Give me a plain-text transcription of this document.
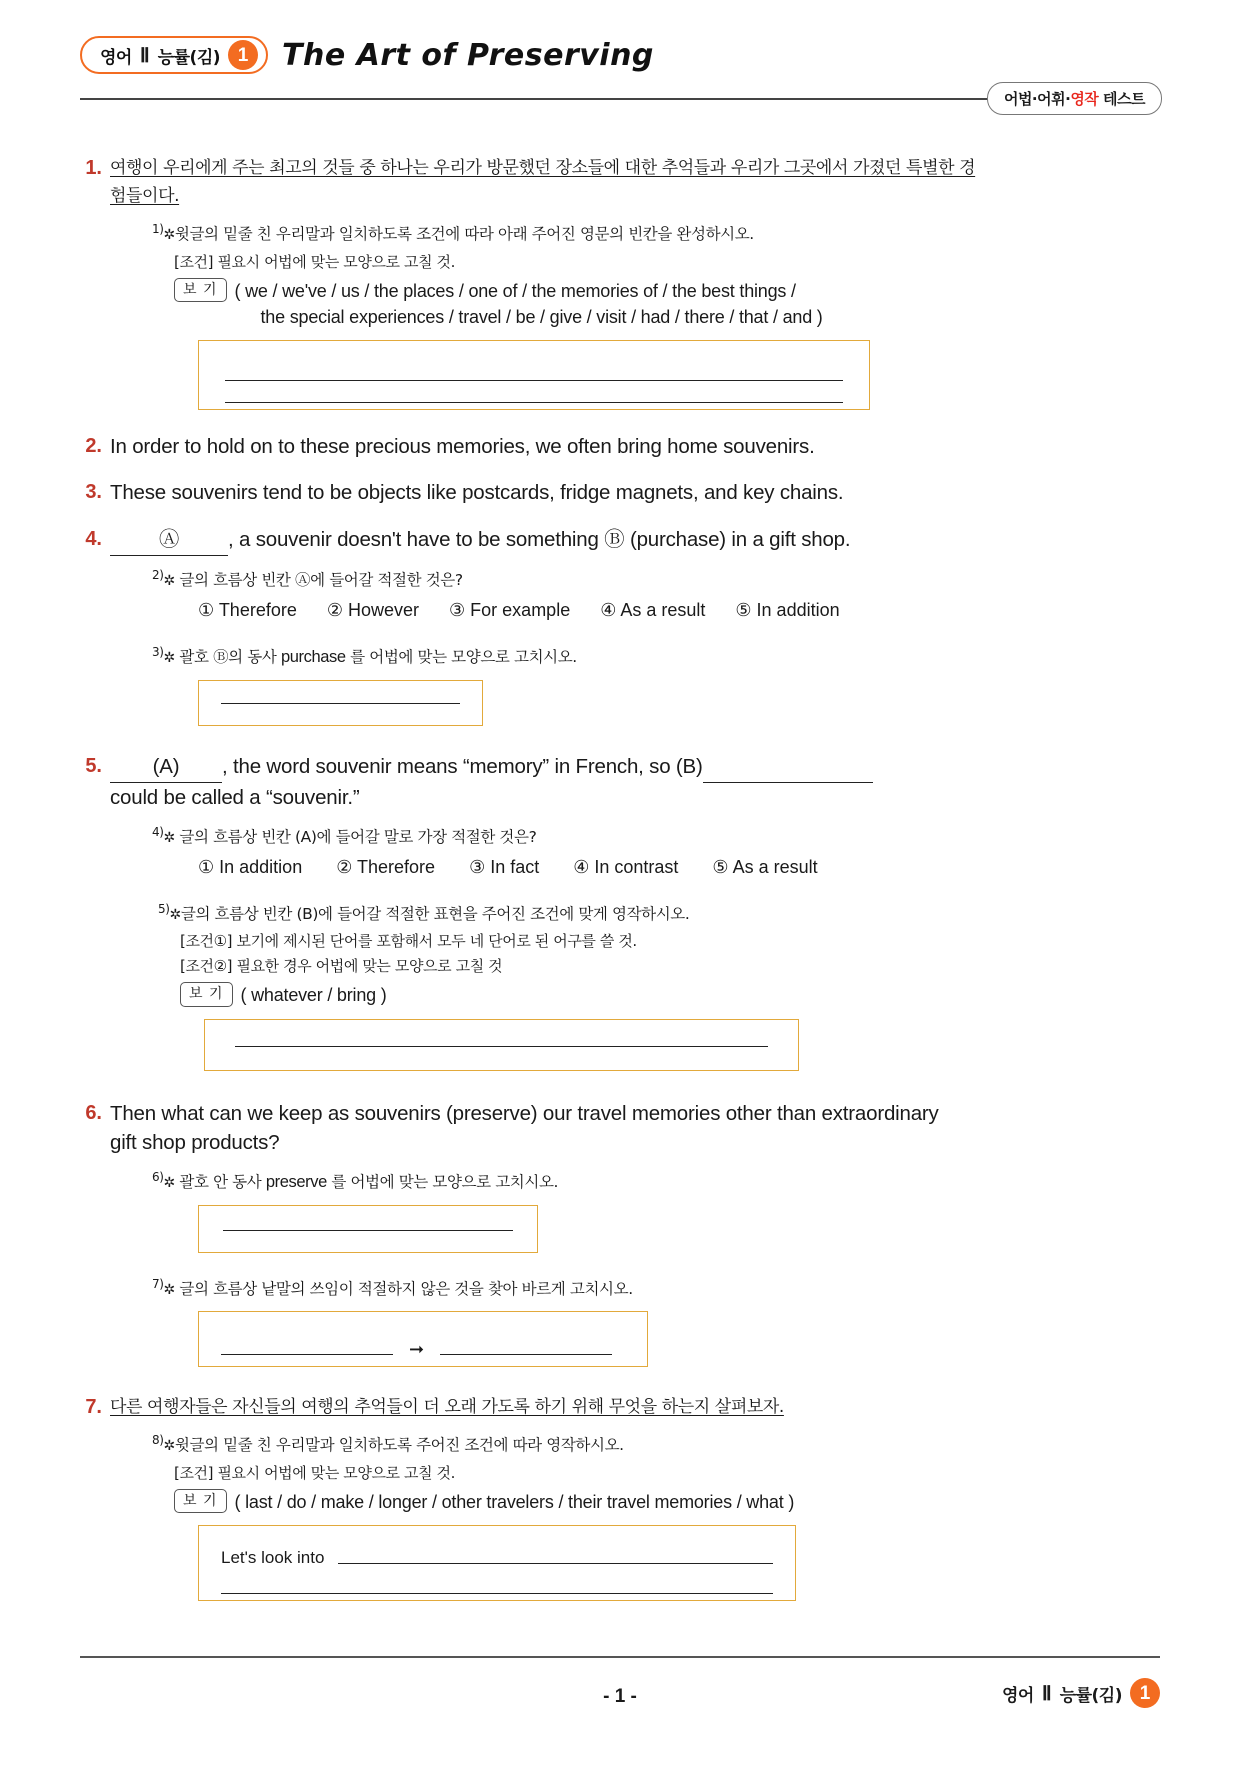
영어 Ⅱ 능률(김) 1	The Art of Preserving
어법·어휘·영작 테스트
1. 여행이 우리에게 주는 최고의 것들 중 하나는 우리가 방문했던 장소들에 대한 추억들과 우리가 그곳에서 가졌던 특별한 경험들이다.
$^{1)}$✲윗글의 밑줄 친 우리말과 일치하도록 조건에 따라 아래 주어진 영문의 빈칸을 완성하시오.
[조건] 필요시 어법에 맞는 모양으로 고칠 것.
보 기 ( we / we've / us / the places / one of / the memories of / the best things /
the special experiences / travel / be / give / visit / had / there / that / and )
2. In order to hold on to these precious memories, we often bring home souvenirs.
3. These souvenirs tend to be objects like postcards, fridge magnets, and key chains.
4.	Ⓐ , a souvenir doesn't have to be something Ⓑ (purchase) in a gift shop.
$^{2)}$✲ 글의 흐름상 빈칸 Ⓐ에 들어갈 적절한 것은?
① Therefore ② However ③ For example ④ As a result ⑤ In addition
$^{3)}$✲ 괄호 Ⓑ의 동사 purchase 를 어법에 맞는 모양으로 고치시오.
5.	(A) , the word souvenir means “memory” in French, so (B)
could be called a “souvenir.”
$^{4)}$✲ 글의 흐름상 빈칸 (A)에 들어갈 말로 가장 적절한 것은?
① In addition ② Therefore ③ In fact ④ In contrast ⑤ As a result
$^{5)}$✲글의 흐름상 빈칸 (B)에 들어갈 적절한 표현을 주어진 조건에 맞게 영작하시오.
[조건①] 보기에 제시된 단어를 포함해서 모두 네 단어로 된 어구를 쓸 것.
[조건②] 필요한 경우 어법에 맞는 모양으로 고칠 것
보 기 ( whatever / bring )
6. Then what can we keep as souvenirs (preserve) our travel memories other than extraordinary gift shop products?
$^{6)}$✲ 괄호 안 동사 preserve 를 어법에 맞는 모양으로 고치시오.
$^{7)}$✲ 글의 흐름상 낱말의 쓰임이 적절하지 않은 것을 찾아 바르게 고치시오.
➞
7. 다른 여행자들은 자신들의 여행의 추억들이 더 오래 가도록 하기 위해 무엇을 하는지 살펴보자.
$^{8)}$✲윗글의 밑줄 친 우리말과 일치하도록 주어진 조건에 따라 영작하시오.
[조건] 필요시 어법에 맞는 모양으로 고칠 것.
보 기 ( last / do / make / longer / other travelers / their travel memories / what )
Let's look into
- 1 -	영어 Ⅱ 능률(김) 1
